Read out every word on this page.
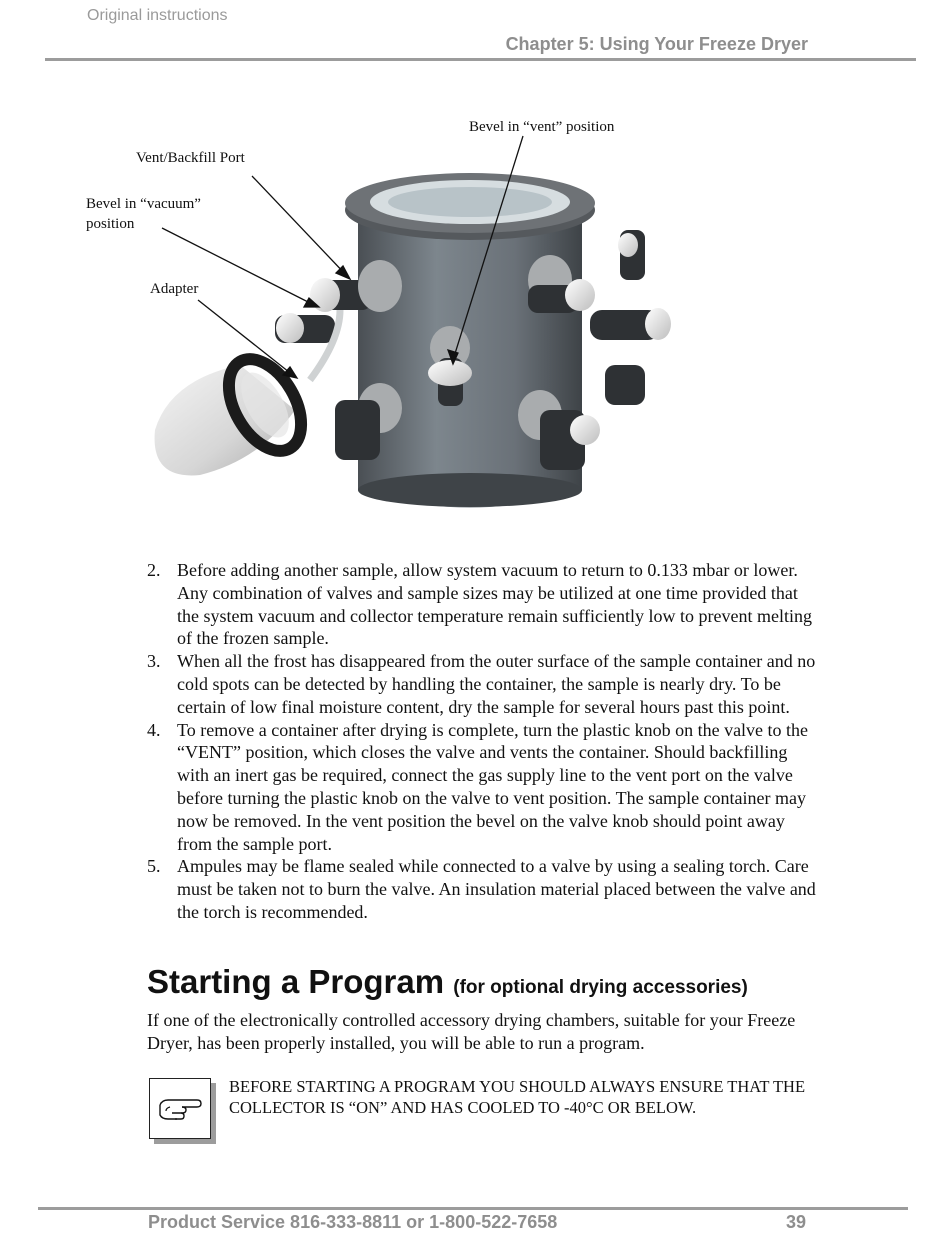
Original instructions
Chapter 5: Using Your Freeze Dryer
Bevel in “vent” position
Vent/Backfill Port
Bevel in “vacuum”
position
Adapter
2. Before adding another sample, allow system vacuum to return to 0.133 mbar or lower. Any combination of valves and sample sizes may be utilized at one time provided that the system vacuum and collector temperature remain sufficiently low to prevent melting of the frozen sample.
3. When all the frost has disappeared from the outer surface of the sample container and no cold spots can be detected by handling the container, the sample is nearly dry. To be certain of low final moisture content, dry the sample for several hours past this point.
4. To remove a container after drying is complete, turn the plastic knob on the valve to the “VENT” position, which closes the valve and vents the container. Should backfilling with an inert gas be required, connect the gas supply line to the vent port on the valve before turning the plastic knob on the valve to vent position. The sample container may now be removed. In the vent position the bevel on the valve knob should point away from the sample port.
5. Ampules may be flame sealed while connected to a valve by using a sealing torch. Care must be taken not to burn the valve. An insulation material placed between the valve and the torch is recommended.
Starting a Program (for optional drying accessories)
If one of the electronically controlled accessory drying chambers, suitable for your Freeze Dryer, has been properly installed, you will be able to run a program.
BEFORE STARTING A PROGRAM YOU SHOULD ALWAYS ENSURE THAT THE COLLECTOR IS “ON” AND HAS COOLED TO -40°C OR BELOW.
Product Service 816-333-8811 or 1-800-522-7658	39
